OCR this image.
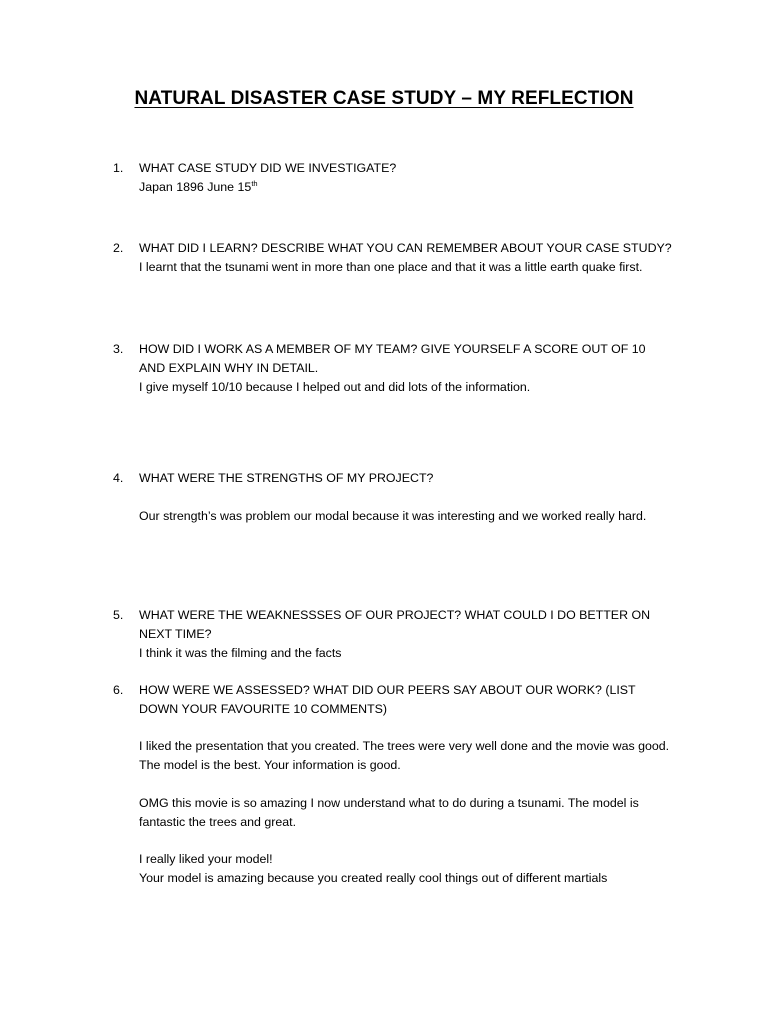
NATURAL DISASTER CASE STUDY – MY REFLECTION
1.	WHAT CASE STUDY DID WE INVESTIGATE?
Japan 1896 June 15th
2.	WHAT DID I LEARN? DESCRIBE WHAT YOU CAN REMEMBER ABOUT YOUR CASE STUDY?
I learnt that the tsunami went in more than one place and that it was a little earth quake first.
3.	HOW DID I WORK AS A MEMBER OF MY TEAM? GIVE YOURSELF A SCORE OUT OF 10 AND EXPLAIN WHY IN DETAIL.
I give myself 10/10 because I helped out and did lots of the information.
4.	WHAT WERE THE STRENGTHS OF MY PROJECT?
Our strength’s was problem our modal because it was interesting and we worked really hard.
5.	WHAT WERE THE WEAKNESSSES OF OUR PROJECT? WHAT COULD I DO BETTER ON NEXT TIME?
I think it was the filming and the facts
6.	HOW WERE WE ASSESSED? WHAT DID OUR PEERS SAY ABOUT OUR WORK? (LIST DOWN YOUR FAVOURITE 10 COMMENTS)
I liked the presentation that you created. The trees were very well done and the movie was good.
The model is the best. Your information is good.
OMG this movie is so amazing I now understand what to do during a tsunami. The model is fantastic the trees and great.
I really liked your model!
Your model is amazing because you created really cool things out of different martials
